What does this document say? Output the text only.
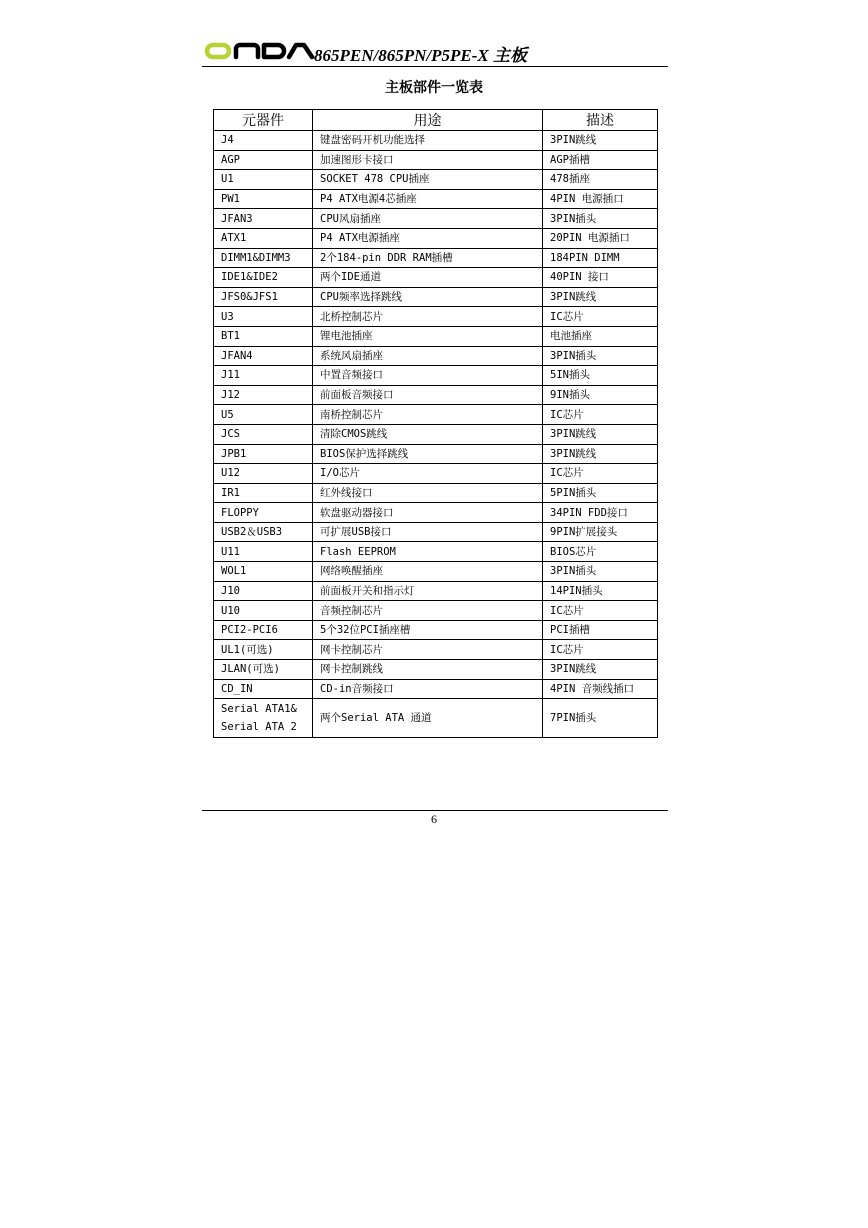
865PEN/865PN/P5PE-X 主板
主板部件一览表
元器件	用途	描述
J4	键盘密码开机功能选择	3PIN跳线
AGP	加速图形卡接口	AGP插槽
U1	SOCKET 478 CPU插座	478插座
PW1	P4 ATX电源4芯插座	4PIN 电源插口
JFAN3	CPU风扇插座	3PIN插头
ATX1	P4 ATX电源插座	20PIN 电源插口
DIMM1&DIMM3	2个184-pin DDR RAM插槽	184PIN DIMM
IDE1&IDE2	两个IDE通道	40PIN 接口
JFS0&JFS1	CPU频率选择跳线	3PIN跳线
U3	北桥控制芯片	IC芯片
BT1	锂电池插座	电池插座
JFAN4	系统风扇插座	3PIN插头
J11	中置音频接口	5IN插头
J12	前面板音频接口	9IN插头
U5	南桥控制芯片	IC芯片
JCS	清除CMOS跳线	3PIN跳线
JPB1	BIOS保护选择跳线	3PIN跳线
U12	I/O芯片	IC芯片
IR1	红外线接口	5PIN插头
FLOPPY	软盘驱动器接口	34PIN FDD接口
USB2＆USB3	可扩展USB接口	9PIN扩展接头
U11	Flash EEPROM	BIOS芯片
WOL1	网络唤醒插座	3PIN插头
J10	前面板开关和指示灯	14PIN插头
U10	音频控制芯片	IC芯片
PCI2-PCI6	5个32位PCI插座槽	PCI插槽
UL1(可选)	网卡控制芯片	IC芯片
JLAN(可选)	网卡控制跳线	3PIN跳线
CD_IN	CD-in音频接口	4PIN 音频线插口
Serial ATA1&
Serial ATA 2	两个Serial ATA 通道	7PIN插头
6
